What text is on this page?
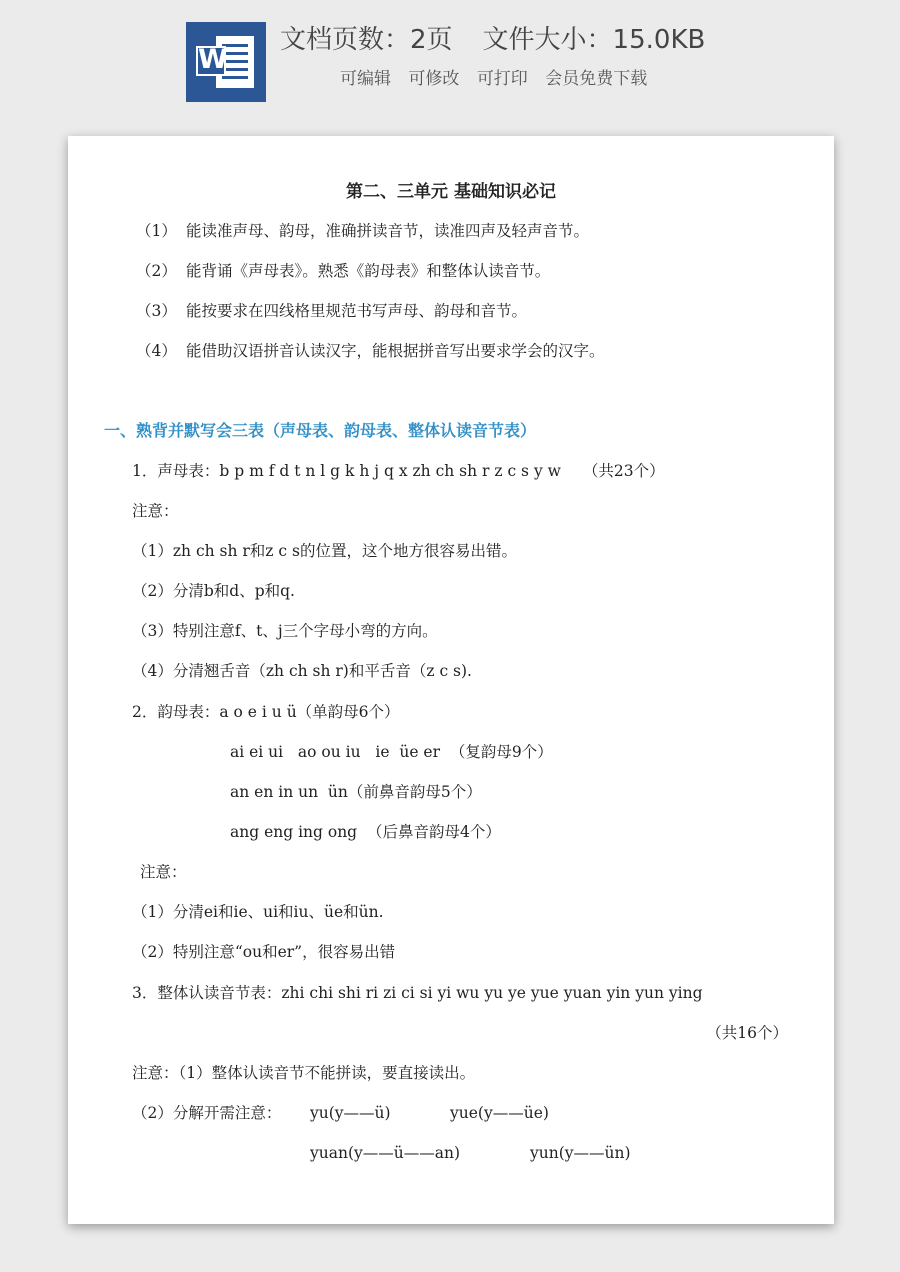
W
文档页数：2页 文件大小：15.0KB
可编辑 可修改 可打印 会员免费下载
第二、三单元 基础知识必记
（1） 能读准声母、韵母，准确拼读音节，读准四声及轻声音节。
（2） 能背诵《声母表》。熟悉《韵母表》和整体认读音节。
（3） 能按要求在四线格里规范书写声母、韵母和音节。
（4） 能借助汉语拼音认读汉字，能根据拼音写出要求学会的汉字。
一、熟背并默写会三表（声母表、韵母表、整体认读音节表）
1．声母表：b p m f d t n l g k h j q x zh ch sh r z c s y w （共23个）
注意：
（1）zh ch sh r和z c s的位置，这个地方很容易出错。
（2）分清b和d、p和q.
（3）特别注意f、t、j三个字母小弯的方向。
（4）分清翘舌音（zh ch sh r)和平舌音（z c s).
2．韵母表：a o e i u ü（单韵母6个）
ai ei ui   ao ou iu   ie  üe er  （复韵母9个）
an en in un  ün（前鼻音韵母5个）
ang eng ing ong  （后鼻音韵母4个）
注意：
（1）分清ei和ie、ui和iu、üe和ün.
（2）特别注意“ou和er”，很容易出错
3．整体认读音节表：zhi chi shi ri zi ci si yi wu yu ye yue yuan yin yun ying
（共16个）
注意：（1）整体认读音节不能拼读，要直接读出。
（2）分解开需注意： yu(y——ü)	yue(y——üe)
yuan(y——ü——an)	yun(y——ün)
